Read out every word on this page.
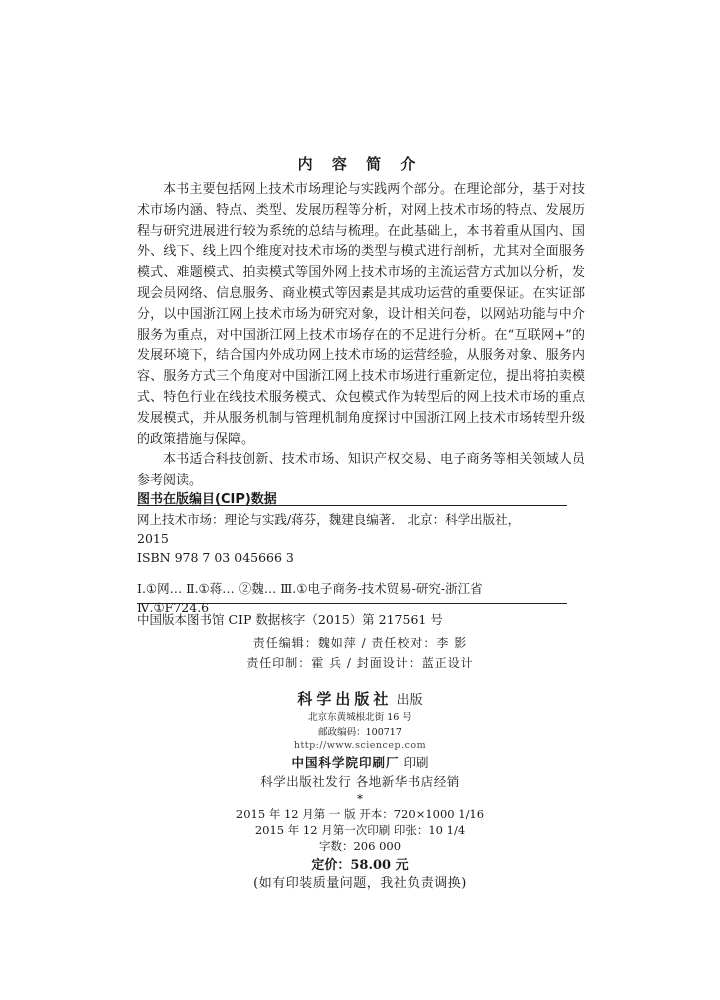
内 容 简 介

本书主要包括网上技术市场理论与实践两个部分。在理论部分，基于对技术市场内涵、特点、类型、发展历程等分析，对网上技术市场的特点、发展历程与研究进展进行较为系统的总结与梳理。在此基础上，本书着重从国内、国外、线下、线上四个维度对技术市场的类型与模式进行剖析，尤其对全面服务模式、难题模式、拍卖模式等国外网上技术市场的主流运营方式加以分析，发现会员网络、信息服务、商业模式等因素是其成功运营的重要保证。在实证部分，以中国浙江网上技术市场为研究对象，设计相关问卷，以网站功能与中介服务为重点，对中国浙江网上技术市场存在的不足进行分析。在“互联网+”的发展环境下，结合国内外成功网上技术市场的运营经验，从服务对象、服务内容、服务方式三个角度对中国浙江网上技术市场进行重新定位，提出将拍卖模式、特色行业在线技术服务模式、众包模式作为转型后的网上技术市场的重点发展模式，并从服务机制与管理机制角度探讨中国浙江网上技术市场转型升级的政策措施与保障。

本书适合科技创新、技术市场、知识产权交易、电子商务等相关领域人员参考阅读。

图书在版编目(CIP)数据
网上技术市场：理论与实践/蒋芬，魏建良编著． 北京：科学出版社，
2015
ISBN 978 7 03 045666 3
Ⅰ.①网… Ⅱ.①蒋… ②魏… Ⅲ.①电子商务-技术贸易-研究-浙江省
Ⅳ.①F724.6
中国版本图书馆 CIP 数据核字（2015）第 217561 号
责任编辑：魏如萍 / 责任校对：李 影
责任印制：霍 兵 / 封面设计：蓝正设计
科学出版社 出版
北京东黄城根北街 16 号
邮政编码：100717
http://www.sciencep.com
中国科学院印刷厂 印刷
科学出版社发行 各地新华书店经销
*
2015 年 12 月第 一 版 开本：720×1000 1/16
2015 年 12 月第一次印刷 印张：10 1/4
字数：206 000
定价：58.00 元
(如有印装质量问题，我社负责调换)
